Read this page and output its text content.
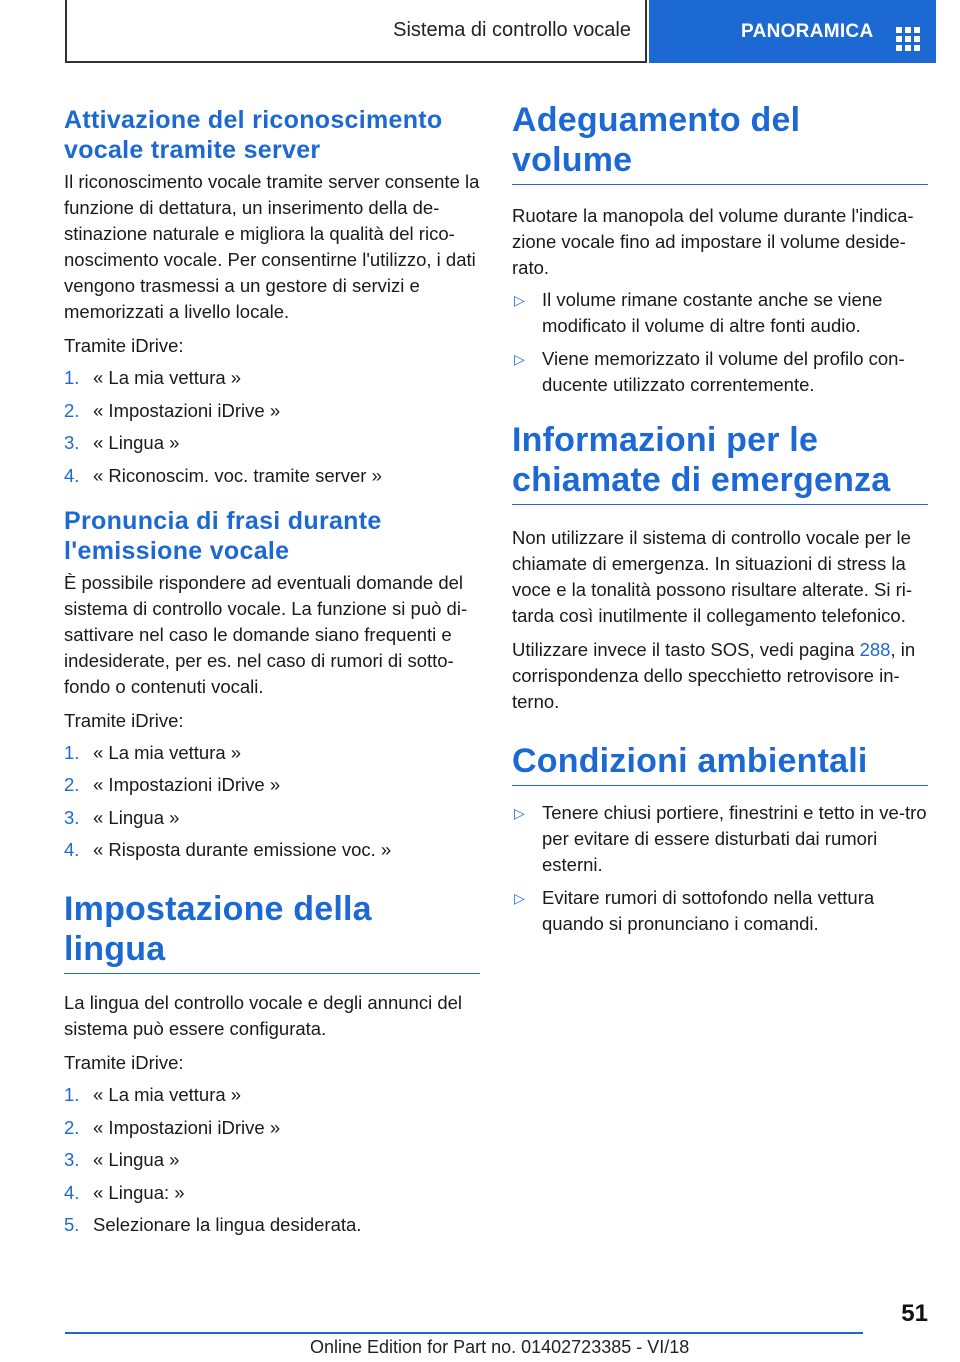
Sistema di controllo vocale	PANORAMICA
Attivazione del riconoscimento vocale tramite server

Il riconoscimento vocale tramite server consente la funzione di dettatura, un inserimento della de-stinazione naturale e migliora la qualità del rico-noscimento vocale. Per consentirne l'utilizzo, i dati vengono trasmessi a un gestore di servizi e memorizzati a livello locale.

Tramite iDrive:

1. « La mia vettura »
2. « Impostazioni iDrive »
3. « Lingua »
4. « Riconoscim. voc. tramite server »
Pronuncia di frasi durante l'emissione vocale

È possibile rispondere ad eventuali domande del sistema di controllo vocale. La funzione si può di-sattivare nel caso le domande siano frequenti e indesiderate, per es. nel caso di rumori di sotto-fondo o contenuti vocali.

Tramite iDrive:

1. « La mia vettura »
2. « Impostazioni iDrive »
3. « Lingua »
4. « Risposta durante emissione voc. »
Impostazione della lingua

La lingua del controllo vocale e degli annunci del sistema può essere configurata.

Tramite iDrive:

1. « La mia vettura »
2. « Impostazioni iDrive »
3. « Lingua »
4. « Lingua: »
5. Selezionare la lingua desiderata.
Adeguamento del volume

Ruotare la manopola del volume durante l'indica-zione vocale fino ad impostare il volume deside-rato.

▷ Il volume rimane costante anche se viene modificato il volume di altre fonti audio.
▷ Viene memorizzato il volume del profilo con-ducente utilizzato correntemente.
Informazioni per le chiamate di emergenza

Non utilizzare il sistema di controllo vocale per le chiamate di emergenza. In situazioni di stress la voce e la tonalità possono risultare alterate. Si ri-tarda così inutilmente il collegamento telefonico.

Utilizzare invece il tasto SOS, vedi pagina 288, in corrispondenza dello specchietto retrovisore in-terno.

Condizioni ambientali
▷ Tenere chiusi portiere, finestrini e tetto in ve-tro per evitare di essere disturbati dai rumori esterni.
▷ Evitare rumori di sottofondo nella vettura quando si pronunciano i comandi.
51
Online Edition for Part no. 01402723385 - VI/18
